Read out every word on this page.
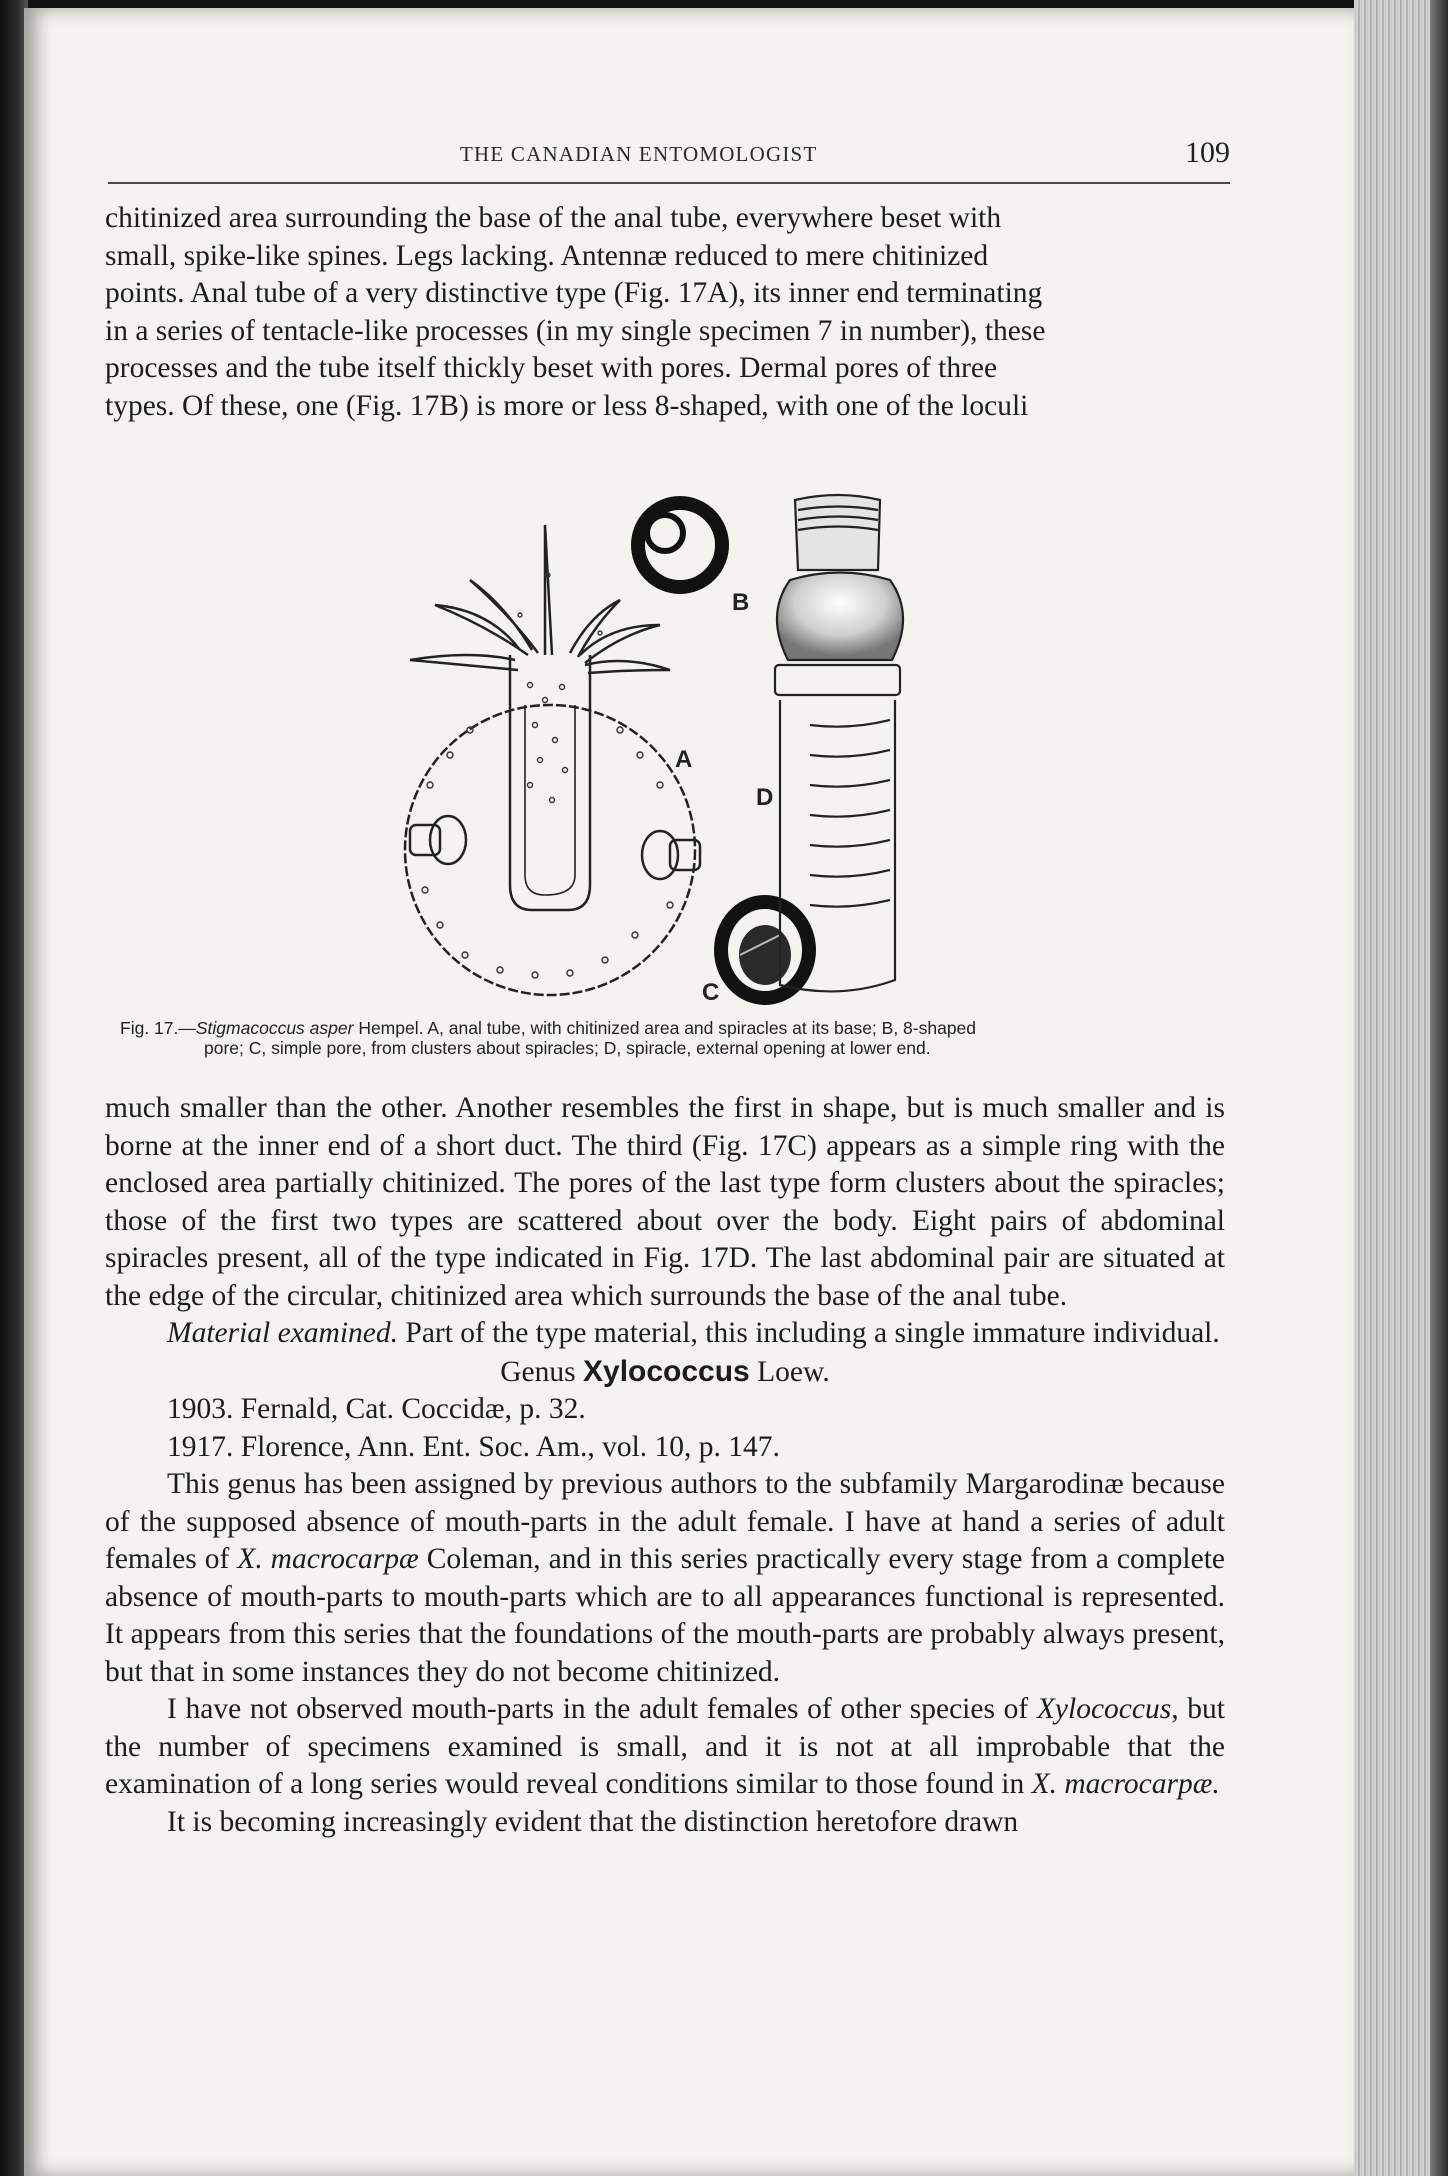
THE CANADIAN ENTOMOLOGIST	109

chitinized area surrounding the base of the anal tube, everywhere beset with

small, spike-like spines. Legs lacking. Antennæ reduced to mere chitinized

points. Anal tube of a very distinctive type (Fig. 17A), its inner end terminating

in a series of tentacle-like processes (in my single specimen 7 in number), these

processes and the tube itself thickly beset with pores. Dermal pores of three

types. Of these, one (Fig. 17B) is more or less 8-shaped, with one of the loculi

A
B
C
D
Fig. 17.—Stigmacoccus asper Hempel. A, anal tube, with chitinized area and spiracles at its base; B, 8-shaped
pore; C, simple pore, from clusters about spiracles; D, spiracle, external opening at lower end.

much smaller than the other. Another resembles the first in shape, but is much smaller and is borne at the inner end of a short duct. The third (Fig. 17C) appears as a simple ring with the enclosed area partially chitinized. The pores of the last type form clusters about the spiracles; those of the first two types are scattered about over the body. Eight pairs of abdominal spiracles present, all of the type indicated in Fig. 17D. The last abdominal pair are situated at the edge of the circular, chitinized area which surrounds the base of the anal tube.

Material examined. Part of the type material, this including a single immature individual.

Genus Xylococcus Loew.

1903. Fernald, Cat. Coccidæ, p. 32.

1917. Florence, Ann. Ent. Soc. Am., vol. 10, p. 147.

This genus has been assigned by previous authors to the subfamily Margarodinæ because of the supposed absence of mouth-parts in the adult female. I have at hand a series of adult females of X. macrocarpæ Coleman, and in this series practically every stage from a complete absence of mouth-parts to mouth-parts which are to all appearances functional is represented. It appears from this series that the foundations of the mouth-parts are probably always present, but that in some instances they do not become chitinized.

I have not observed mouth-parts in the adult females of other species of Xylococcus, but the number of specimens examined is small, and it is not at all improbable that the examination of a long series would reveal conditions similar to those found in X. macrocarpæ.

It is becoming increasingly evident that the distinction heretofore drawn
